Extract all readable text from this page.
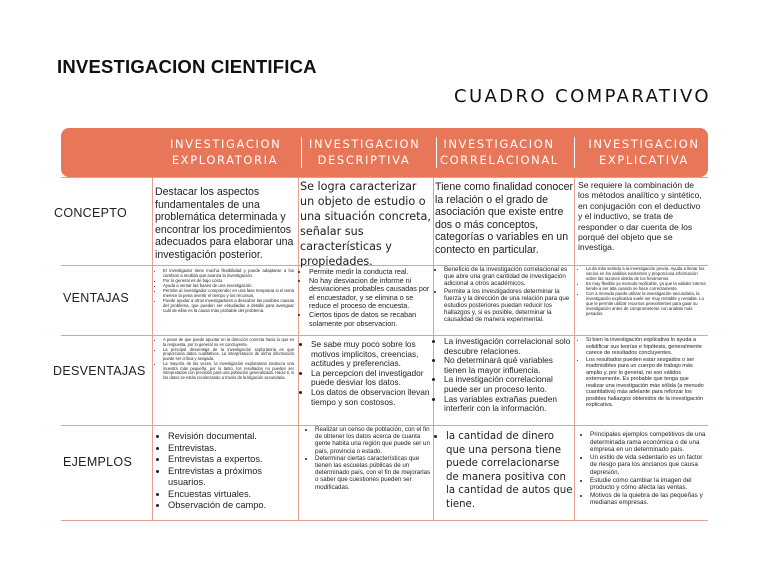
INVESTIGACION CIENTIFICA
CUADRO COMPARATIVO
INVESTIGACION
EXPLORATORIA
INVESTIGACION
DESCRIPTIVA
INVESTIGACION
CORRELACIONAL
INVESTIGACION
EXPLICATIVA
CONCEPTO
Destacar los aspectos fundamentales de una problemática determinada y encontrar los procedimientos adecuados para elaborar una investigación posterior.
Se logra caracterizar un objeto de estudio o una situación concreta, señalar sus características y propiedades.
Tiene como finalidad conocer la relación o el grado de asociación que existe entre dos o más conceptos, categorías o variables en un contecto en particular.
Se requiere la combinación de los métodos analítico y sintético, en conjugación con el deductivo y el inductivo, se trata de responder o dar cuenta de los porqué del objeto que se investiga.
VENTAJAS
• El investigador tiene mucha flexibilidad y puede adaptarse a los cambios a medida que avanza la investigación.
• Por lo general es de bajo costo.
• Ayuda a sentar las bases de una investigación.
• Permite al investigador comprender en una fase temprana si el tema merece la pena invertir el tiempo y los recursos.
• Puede ayudar a otros investigadores a descubrir las posibles causas del problema, que pueden ser estudiadas a detalle para averiguar cuál de ellas es la causa más probable del problema.
• Permite medir la conducta real.
• No hay desviacion de informe ni desviaciones probables causadas por el encuestador, y se elimina o se reduce el proceso de encuesta.
• Ciertos tipos de datos se recaban solamente por observacion.
• Beneficio de la investigación correlacional es que abre una gran cantidad de investigación adicional a otros académicos.
• Permite a los investigadores determinar la fuerza y la dirección de una relación para que estudios posteriores puedan reducir los hallazgos y, si es posible, determinar la causalidad de manera experimental.
• La da más sentido a la investigación previa. Ayuda a llenar los vacíos en los análisis existentes y proporciona información sobre las razones detrás de los fenómenos.
• Es muy flexible ya menudo replicable, ya que la validez interna tiende a ser alta cuando se hace correctamente.
• Con a menudo puede utilizar la investigación secundaria, la investigación explicativa suele ser muy rentable y rentable. Lo que le permite utilizar recursos preexistentes para guiar su investigación antes de comprometerse con análisis más pesados.
DESVENTAJAS
• A pesar de que puede apuntar en la dirección correcta hacia lo que es la respuesta, por lo general no es concluyente.
• La principal desventaja de la investigación exploratoria es que proporciona datos cualitativos. La interpretación de dicha información puede ser crítica y sesgada.
• La mayoría de las veces, la investigación exploratoria involucra una muestra más pequeña, por lo tanto, los resultados no pueden ser interpretados con precisión para una población generalizada. Hacia ti, si los datos se están recolectando a través de la litigación secundaria.
• Se sabe muy poco sobre los motivos implicitos, creencias, actitudes y preferencias.
• La percepcion del investigador puede desviar los datos.
• Los datos de observacion llevan tiempo y son costosos.
• La investigación correlacional solo descubre relaciones.
• No determinará qué variables tienen la mayor influencia.
• La investigación correlacional puede ser un proceso lento.
• Las variables extrañas pueden interferir con la información.
• Si bien la investigación explicativa lo ayuda a solidificar sus teorías e hipótesis, generalmente carece de resultados concluyentes.
• Los resultados pueden estar sesgados o ser inadmisibles para un cuerpo de trabajo más amplio y, por lo general, no son válidos externamente. Es probable que tenga que realizar una investigación más sólida (a menudo cuantitativa) más adelante para reforzar los posibles hallazgos obtenidos de la investigación explicativa.
EJEMPLOS
• Revisión documental.
• Entrevistas.
• Entrevistas a expertos.
• Entrevistas a próximos usuarios.
• Encuestas virtuales.
• Observación de campo.
• Realizar un censo de población, con el fin de obtener los datos acerca de cuanta gente habita una región que puede ser un país, provincia o estado.
• Determinar ciertas características que tienen las escuelas públicas de un determinado país, con el fin de mejorarlas o saber que cuestiones pueden ser modificadas.
• la cantidad de dinero que una persona tiene puede correlacionarse de manera positiva con la cantidad de autos que tiene.
• Principales ejemplos competitivos de una determinada rama económica o de una empresa en un determinado país.
• Un estilo de vida sedentario es un factor de riesgo para los ancianos que causa depresión.
• Estudie cómo cambiar la imagen del producto y cómo afecta las ventas.
• Motivos de la quiebra de las pequeñas y medianas empresas.
